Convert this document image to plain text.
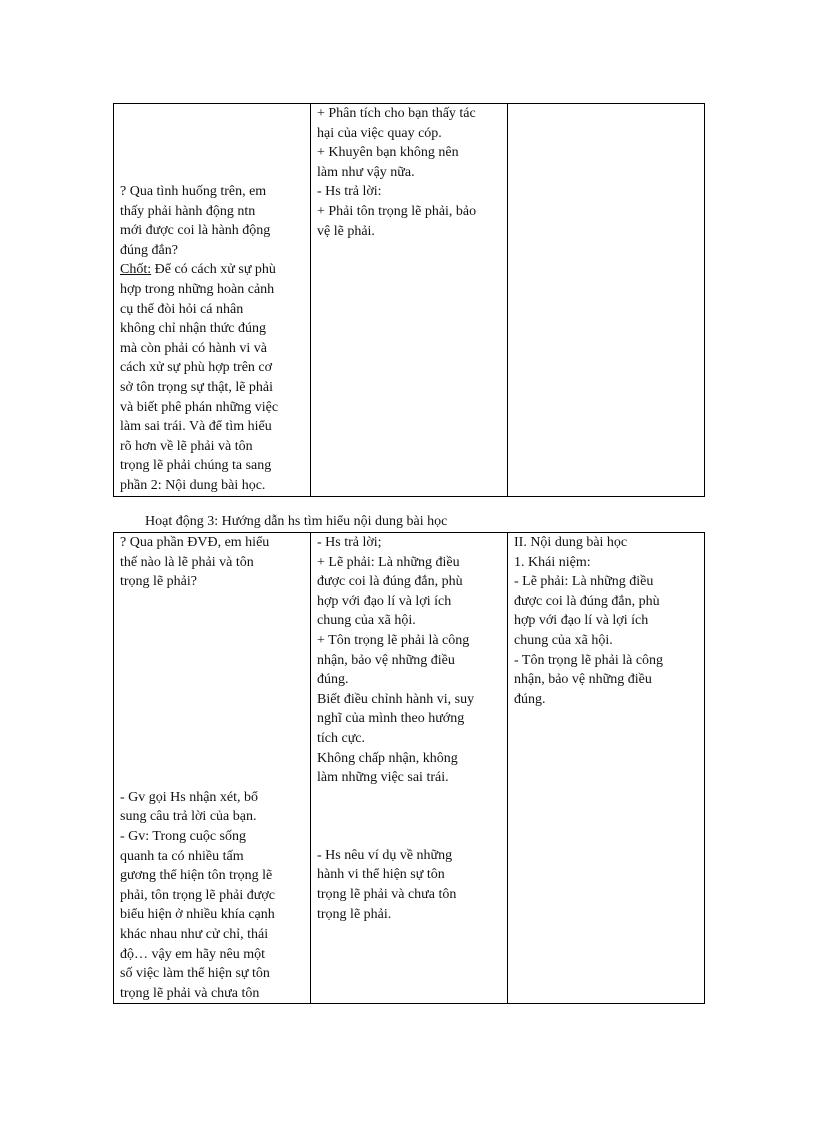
? Qua tình huống trên, em
thấy phải hành động ntn
mới được coi là hành động
đúng đắn?
Chốt: Để có cách xử sự phù
hợp trong những hoàn cảnh
cụ thể đòi hỏi cá nhân
không chỉ nhận thức đúng
mà còn phải có hành vi và
cách xử sự phù hợp trên cơ
sở tôn trọng sự thật, lẽ phải
và biết phê phán những việc
làm sai trái. Và để tìm hiểu
rõ hơn về lẽ phải và tôn
trọng lẽ phải chúng ta sang
phần 2: Nội dung bài học.

+ Phân tích cho bạn thấy tác
hại của việc quay cóp.
+ Khuyên bạn không nên
làm như vậy nữa.
- Hs trả lời:
+ Phải tôn trọng lẽ phải, bảo
vệ lẽ phải.

Hoạt động 3: Hướng dẫn hs tìm hiểu nội dung bài học
? Qua phần ĐVĐ, em hiểu
thế nào là lẽ phải và tôn
trọng lẽ phải?
- Gv gọi Hs nhận xét, bổ
sung câu trả lời của bạn.
- Gv: Trong cuộc sống
quanh ta có nhiều tấm
gương thể hiện tôn trọng lẽ
phải, tôn trọng lẽ phải được
biểu hiện ở nhiều khía cạnh
khác nhau như cử chỉ, thái
độ… vậy em hãy nêu một
số việc làm thể hiện sự tôn
trọng lẽ phải và chưa tôn

- Hs trả lời;
+ Lẽ phải: Là những điều
được coi là đúng đắn, phù
hợp với đạo lí và lợi ích
chung của xã hội.
+ Tôn trọng lẽ phải là công
nhận, bảo vệ những điều
đúng.
Biết điều chỉnh hành vi, suy
nghĩ của mình theo hướng
tích cực.
Không chấp nhận, không
làm những việc sai trái.
- Hs nêu ví dụ về những
hành vi thể hiện sự tôn
trọng lẽ phải và chưa tôn
trọng lẽ phải.

II. Nội dung bài học
1. Khái niệm:
- Lẽ phải: Là những điều
được coi là đúng đắn, phù
hợp với đạo lí và lợi ích
chung của xã hội.
- Tôn trọng lẽ phải là công
nhận, bảo vệ những điều
đúng.
